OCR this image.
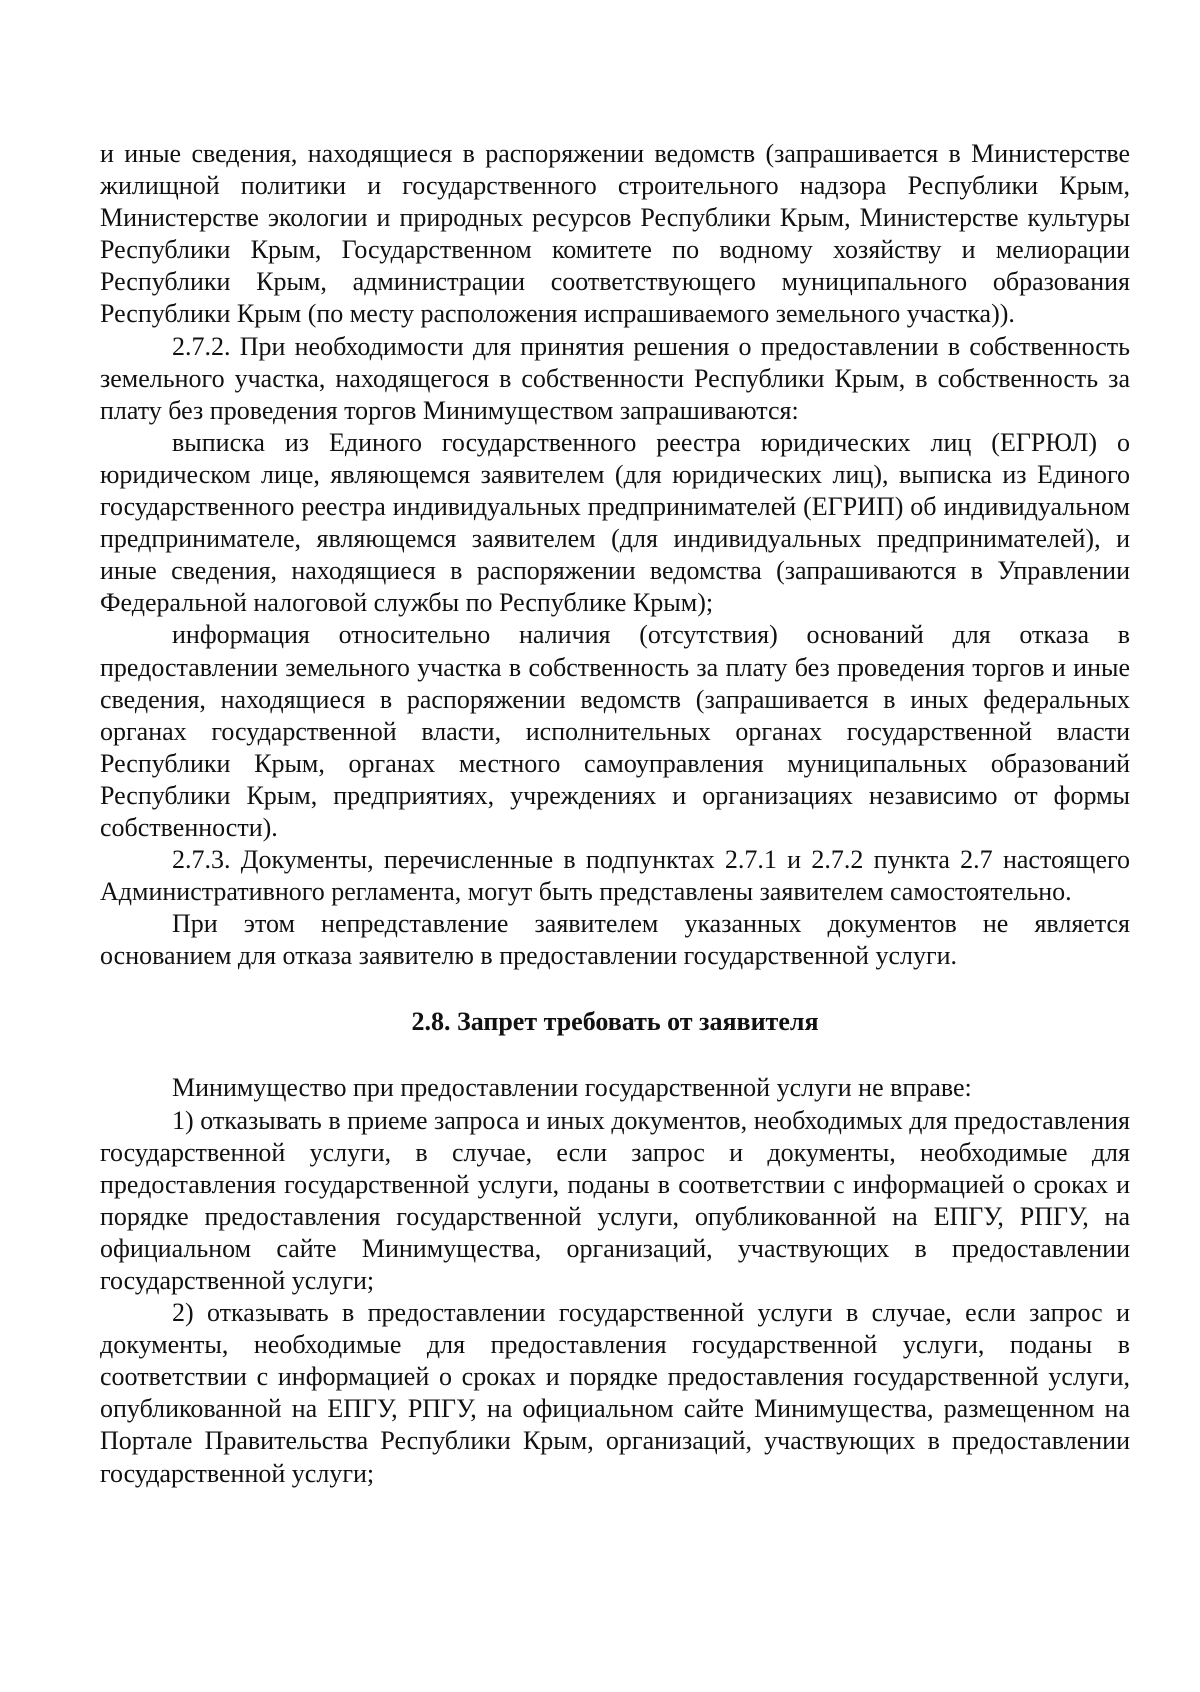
и иные сведения, находящиеся в распоряжении ведомств (запрашивается в Министерстве жилищной политики и государственного строительного надзора Республики Крым, Министерстве экологии и природных ресурсов Республики Крым, Министерстве культуры Республики Крым, Государственном комитете по водному хозяйству и мелиорации Республики Крым, администрации соответствующего муниципального образования Республики Крым (по месту расположения испрашиваемого земельного участка)).

2.7.2. При необходимости для принятия решения о предоставлении в собственность земельного участка, находящегося в собственности Республики Крым, в собственность за плату без проведения торгов Минимуществом запрашиваются:

выписка из Единого государственного реестра юридических лиц (ЕГРЮЛ) о юридическом лице, являющемся заявителем (для юридических лиц), выписка из Единого государственного реестра индивидуальных предпринимателей (ЕГРИП) об индивидуальном предпринимателе, являющемся заявителем (для индивидуальных предпринимателей), и иные сведения, находящиеся в распоряжении ведомства (запрашиваются в Управлении Федеральной налоговой службы по Республике Крым);

информация относительно наличия (отсутствия) оснований для отказа в предоставлении земельного участка в собственность за плату без проведения торгов и иные сведения, находящиеся в распоряжении ведомств (запрашивается в иных федеральных органах государственной власти, исполнительных органах государственной власти Республики Крым, органах местного самоуправления муниципальных образований Республики Крым, предприятиях, учреждениях и организациях независимо от формы собственности).

2.7.3. Документы, перечисленные в подпунктах 2.7.1 и 2.7.2 пункта 2.7 настоящего Административного регламента, могут быть представлены заявителем самостоятельно.

При этом непредставление заявителем указанных документов не является основанием для отказа заявителю в предоставлении государственной услуги.

2.8. Запрет требовать от заявителя

Минимущество при предоставлении государственной услуги не вправе:

1) отказывать в приеме запроса и иных документов, необходимых для предоставления государственной услуги, в случае, если запрос и документы, необходимые для предоставления государственной услуги, поданы в соответствии с информацией о сроках и порядке предоставления государственной услуги, опубликованной на ЕПГУ, РПГУ, на официальном сайте Минимущества, организаций, участвующих в предоставлении государственной услуги;

2) отказывать в предоставлении государственной услуги в случае, если запрос и документы, необходимые для предоставления государственной услуги, поданы в соответствии с информацией о сроках и порядке предоставления государственной услуги, опубликованной на ЕПГУ, РПГУ, на официальном сайте Минимущества, размещенном на Портале Правительства Республики Крым, организаций, участвующих в предоставлении государственной услуги;
